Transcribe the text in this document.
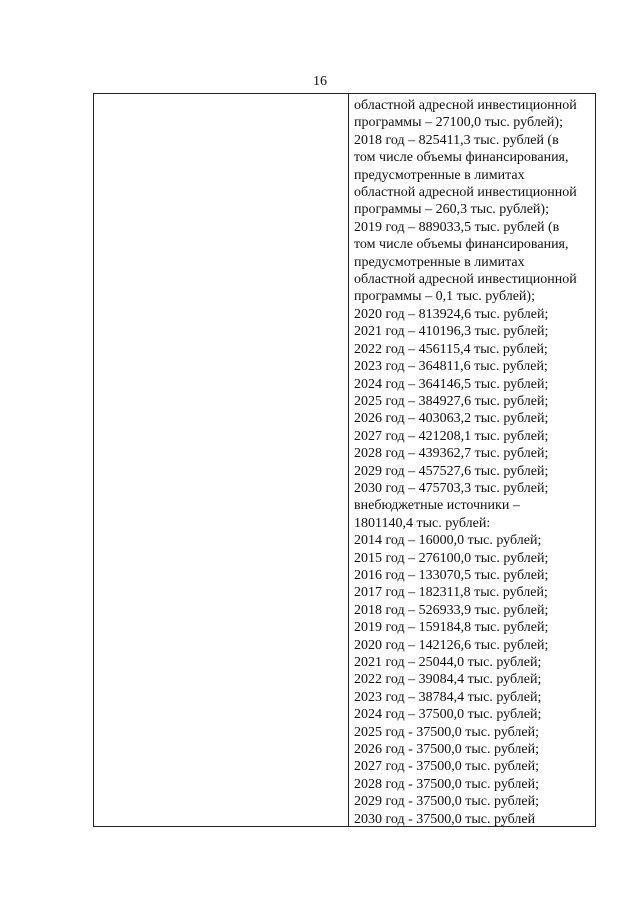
16
областной адресной инвестиционной
программы – 27100,0 тыс. рублей);
2018 год – 825411,3 тыс. рублей (в
том числе объемы финансирования,
предусмотренные в лимитах
областной адресной инвестиционной
программы – 260,3 тыс. рублей);
2019 год – 889033,5 тыс. рублей (в
том числе объемы финансирования,
предусмотренные в лимитах
областной адресной инвестиционной
программы – 0,1 тыс. рублей);
2020 год – 813924,6 тыс. рублей;
2021 год – 410196,3 тыс. рублей;
2022 год – 456115,4 тыс. рублей;
2023 год – 364811,6 тыс. рублей;
2024 год – 364146,5 тыс. рублей;
2025 год – 384927,6 тыс. рублей;
2026 год – 403063,2 тыс. рублей;
2027 год – 421208,1 тыс. рублей;
2028 год – 439362,7 тыс. рублей;
2029 год – 457527,6 тыс. рублей;
2030 год – 475703,3 тыс. рублей;
внебюджетные источники –
1801140,4 тыс. рублей:
2014 год – 16000,0 тыс. рублей;
2015 год – 276100,0 тыс. рублей;
2016 год – 133070,5 тыс. рублей;
2017 год – 182311,8 тыс. рублей;
2018 год – 526933,9 тыс. рублей;
2019 год – 159184,8 тыс. рублей;
2020 год – 142126,6 тыс. рублей;
2021 год – 25044,0 тыс. рублей;
2022 год – 39084,4 тыс. рублей;
2023 год – 38784,4 тыс. рублей;
2024 год – 37500,0 тыс. рублей;
2025 год - 37500,0 тыс. рублей;
2026 год - 37500,0 тыс. рублей;
2027 год - 37500,0 тыс. рублей;
2028 год - 37500,0 тыс. рублей;
2029 год - 37500,0 тыс. рублей;
2030 год - 37500,0 тыс. рублей
